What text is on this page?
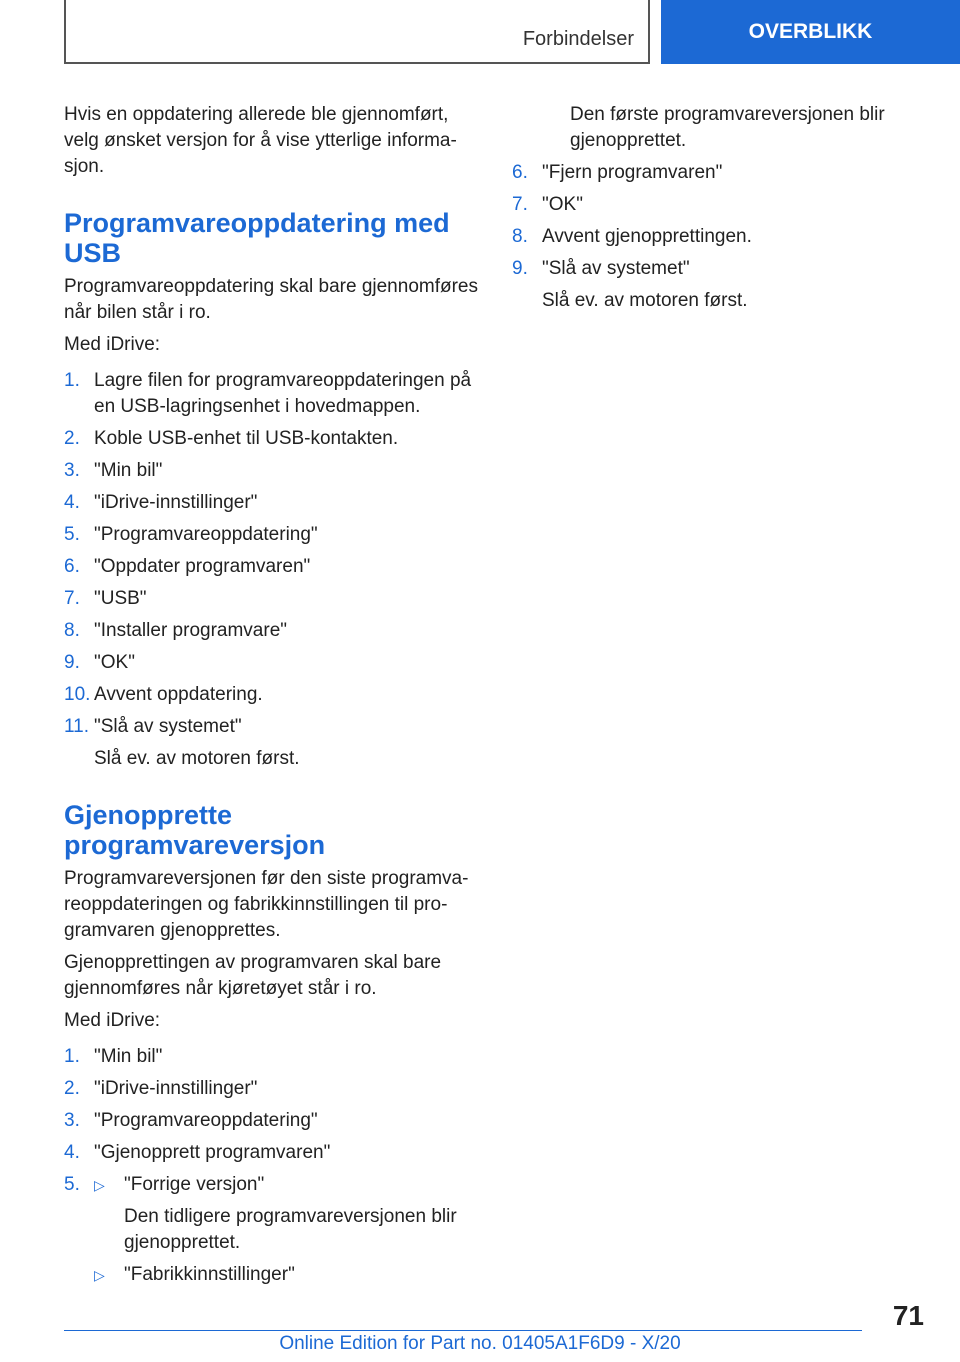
Forbindelser	OVERBLIKK

Hvis en oppdatering allerede ble gjennomført, velg ønsket versjon for å vise ytterlige informa-sjon.

Programvareoppdatering med USB

Programvareoppdatering skal bare gjennomføres når bilen står i ro.

Med iDrive:

1. Lagre filen for programvareoppdateringen på en USB-lagringsenhet i hovedmappen.
2. Koble USB-enhet til USB-kontakten.
3. "Min bil"
4. "iDrive-innstillinger"
5. "Programvareoppdatering"
6. "Oppdater programvaren"
7. "USB"
8. "Installer programvare"
9. "OK"
10. Avvent oppdatering.
11. "Slå av systemet"

Slå ev. av motoren først.

Gjenopprette programvareversjon

Programvareversjonen før den siste programva-reoppdateringen og fabrikkinnstillingen til pro-gramvaren gjenopprettes.

Gjenopprettingen av programvaren skal bare gjennomføres når kjøretøyet står i ro.

Med iDrive:

1. "Min bil"
2. "iDrive-innstillinger"
3. "Programvareoppdatering"
4. "Gjenopprett programvaren"
5. ▷ "Forrige versjon"
Den tidligere programvareversjonen blir gjenopprettet.
▷ "Fabrikkinnstillinger"

Den første programvareversjonen blir gjenopprettet.

6. "Fjern programvaren"
7. "OK"
8. Avvent gjenopprettingen.
9. "Slå av systemet"

Slå ev. av motoren først.

71
Online Edition for Part no. 01405A1F6D9 - X/20
